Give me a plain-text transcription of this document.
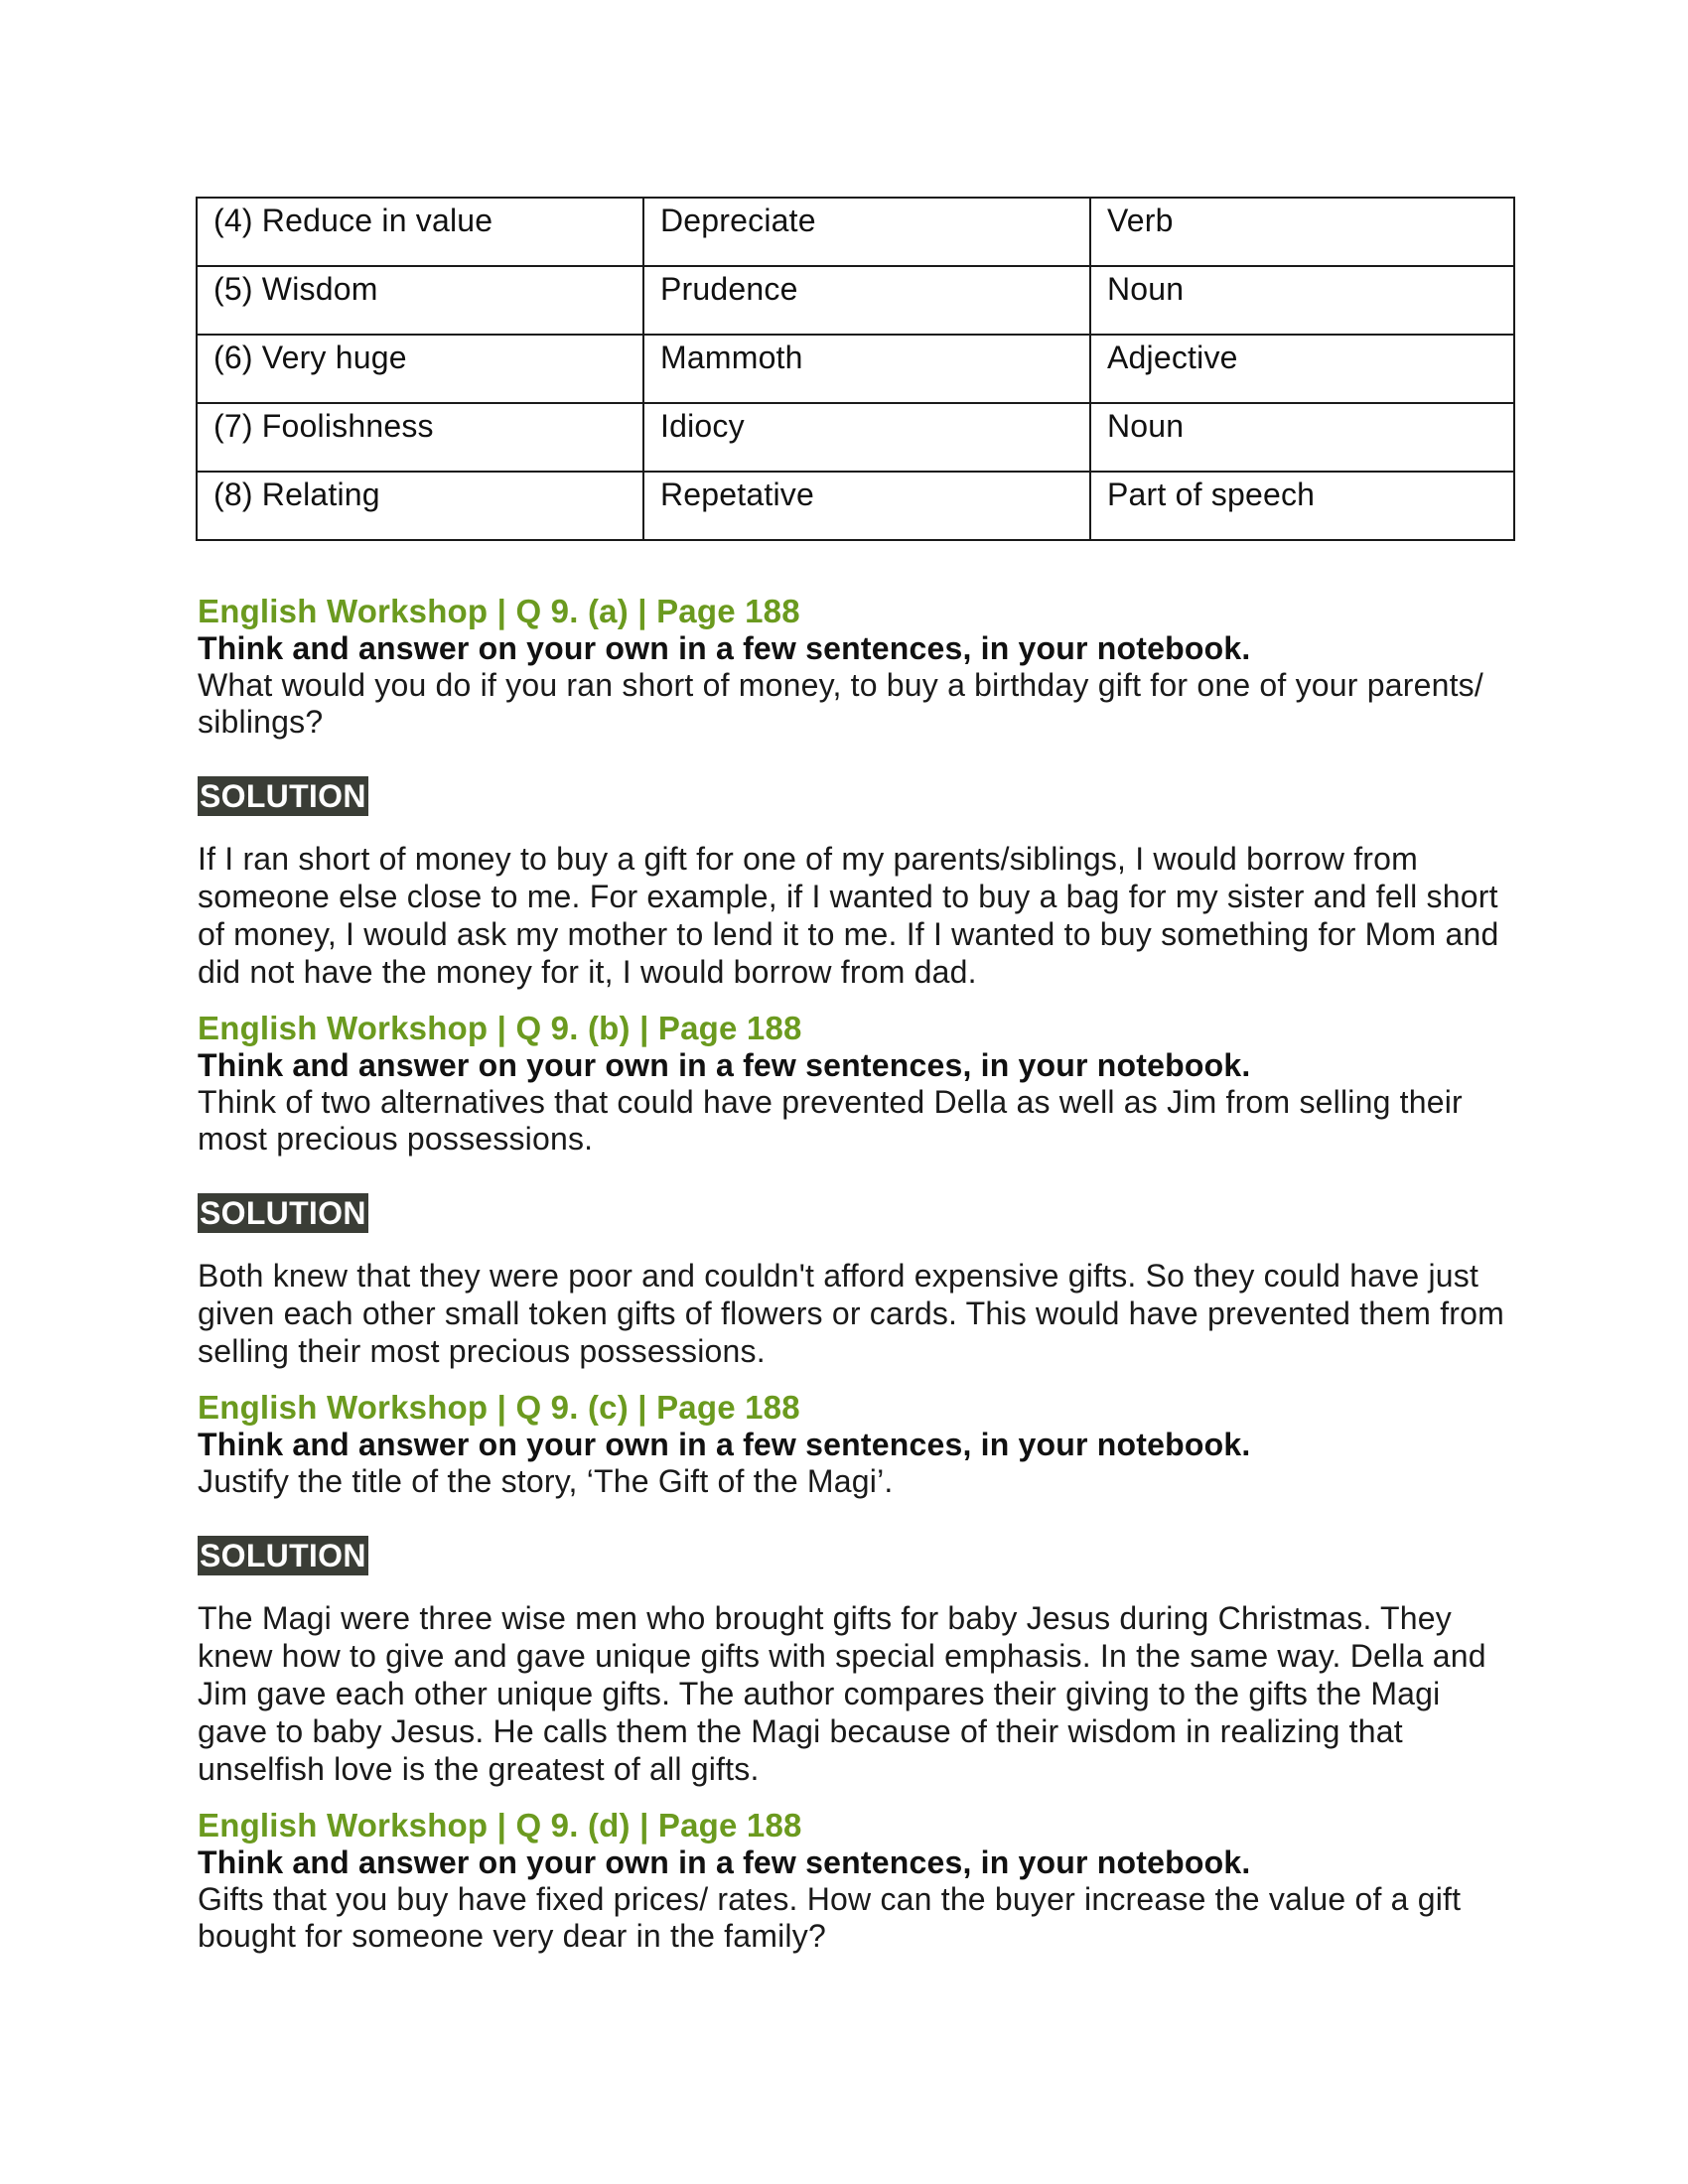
(4) Reduce in value	Depreciate	Verb
(5) Wisdom	Prudence	Noun
(6) Very huge	Mammoth	Adjective
(7) Foolishness	Idiocy	Noun
(8) Relating	Repetative	Part of speech

English Workshop | Q 9. (a) | Page 188

Think and answer on your own in a few sentences, in your notebook.

What would you do if you ran short of money, to buy a birthday gift for one of your parents/ siblings?

SOLUTION

If I ran short of money to buy a gift for one of my parents/siblings, I would borrow from someone else close to me. For example, if I wanted to buy a bag for my sister and fell short of money, I would ask my mother to lend it to me. If I wanted to buy something for Mom and did not have the money for it, I would borrow from dad.

English Workshop | Q 9. (b) | Page 188

Think and answer on your own in a few sentences, in your notebook.

Think of two alternatives that could have prevented Della as well as Jim from selling their most precious possessions.

SOLUTION

Both knew that they were poor and couldn't afford expensive gifts. So they could have just given each other small token gifts of flowers or cards. This would have prevented them from selling their most precious possessions.

English Workshop | Q 9. (c) | Page 188

Think and answer on your own in a few sentences, in your notebook.

Justify the title of the story, ‘The Gift of the Magi’.

SOLUTION

The Magi were three wise men who brought gifts for baby Jesus during Christmas. They knew how to give and gave unique gifts with special emphasis. In the same way. Della and Jim gave each other unique gifts. The author compares their giving to the gifts the Magi gave to baby Jesus. He calls them the Magi because of their wisdom in realizing that unselfish love is the greatest of all gifts.

English Workshop | Q 9. (d) | Page 188

Think and answer on your own in a few sentences, in your notebook.

Gifts that you buy have fixed prices/ rates. How can the buyer increase the value of a gift bought for someone very dear in the family?
